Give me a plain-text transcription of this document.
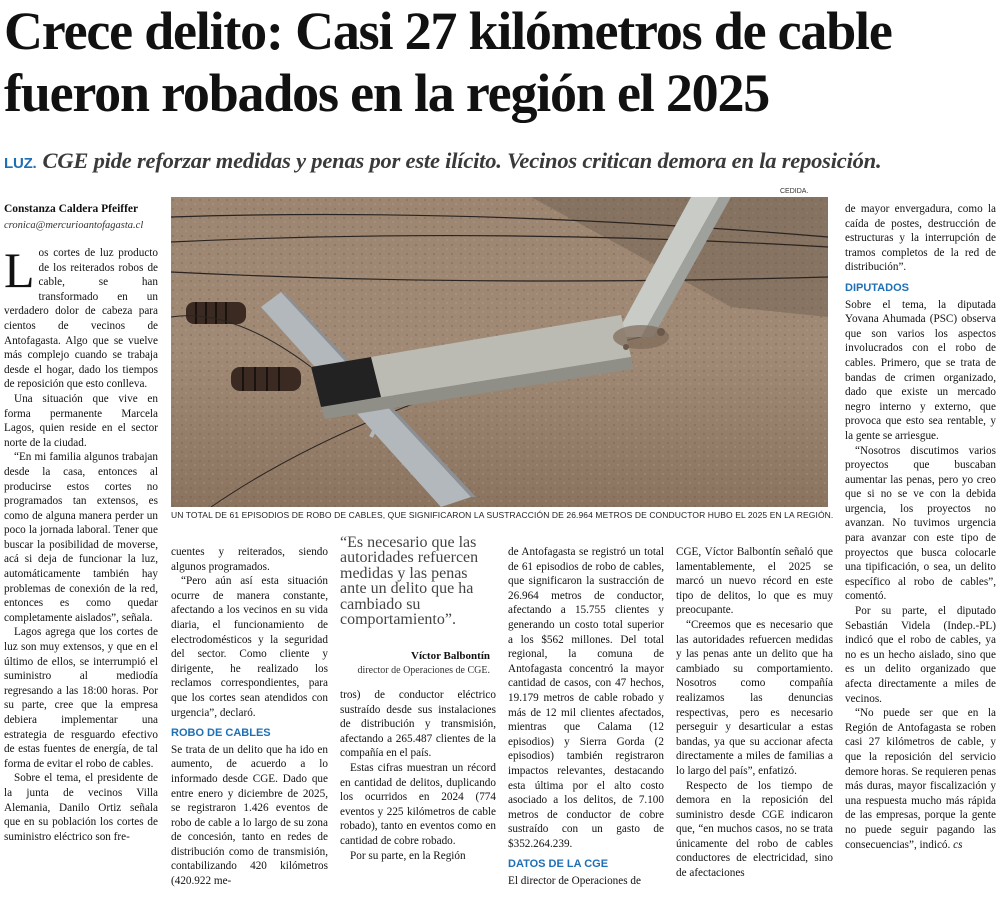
Crece delito: Casi 27 kilómetros de cable fueron robados en la región el 2025
LUZ. CGE pide reforzar medidas y penas por este ilícito. Vecinos critican demora en la reposición.
Constanza Caldera Pfeiffer
cronica@mercurioantofagasta.cl

Los cortes de luz producto de los reiterados robos de cable, se han transformado en un verdadero dolor de cabeza para cientos de vecinos de Antofagasta. Algo que se vuelve más complejo cuando se trabaja desde el hogar, dado los tiempos de reposición que esto conlleva.

Una situación que vive en forma permanente Marcela Lagos, quien reside en el sector norte de la ciudad.

“En mi familia algunos trabajan desde la casa, entonces al producirse estos cortes no programados tan extensos, es como de alguna manera perder un poco la jornada laboral. Tener que buscar la posibilidad de moverse, acá si deja de funcionar la luz, automáticamente también hay problemas de conexión de la red, entonces es como quedar completamente aislados”, señala.

Lagos agrega que los cortes de luz son muy extensos, y que en el último de ellos, se interrumpió el suministro al mediodía regresando a las 18:00 horas. Por su parte, cree que la empresa debiera implementar una estrategia de resguardo efectivo de estas fuentes de energía, de tal forma de evitar el robo de cables.

Sobre el tema, el presidente de la junta de vecinos Villa Alemania, Danilo Ortiz señala que en su población los cortes de suministro eléctrico son fre-

CEDIDA.
UN TOTAL DE 61 EPISODIOS DE ROBO DE CABLES, QUE SIGNIFICARON LA SUSTRACCIÓN DE 26.964 METROS DE CONDUCTOR HUBO EL 2025 EN LA REGIÓN.

cuentes y reiterados, siendo algunos programados.

“Pero aún así esta situación ocurre de manera constante, afectando a los vecinos en su vida diaria, el funcionamiento de electrodomésticos y la seguridad del sector. Como cliente y dirigente, he realizado los reclamos correspondientes, para que los cortes sean atendidos con urgencia”, declaró.

ROBO DE CABLES

Se trata de un delito que ha ido en aumento, de acuerdo a lo informado desde CGE. Dado que entre enero y diciembre de 2025, se registraron 1.426 eventos de robo de cable a lo largo de su zona de concesión, tanto en redes de distribución como de transmisión, contabilizando 420 kilómetros (420.922 me-

“Es necesario que las autoridades refuercen medidas y las penas ante un delito que ha cambiado su comportamiento”.
Víctor Balbontín
director de Operaciones de CGE.

tros) de conductor eléctrico sustraído desde sus instalaciones de distribución y transmisión, afectando a 265.487 clientes de la compañía en el país.

Estas cifras muestran un récord en cantidad de delitos, duplicando los ocurridos en 2024 (774 eventos y 225 kilómetros de cable robado), tanto en eventos como en cantidad de cobre robado.

Por su parte, en la Región

de Antofagasta se registró un total de 61 episodios de robo de cables, que significaron la sustracción de 26.964 metros de conductor, afectando a 15.755 clientes y generando un costo total superior a los $562 millones. Del total regional, la comuna de Antofagasta concentró la mayor cantidad de casos, con 47 hechos, 19.179 metros de cable robado y más de 12 mil clientes afectados, mientras que Calama (12 episodios) y Sierra Gorda (2 episodios) también registraron impactos relevantes, destacando esta última por el alto costo asociado a los delitos, de 7.100 metros de conductor de cobre sustraído con un gasto de $352.264.239.

DATOS DE LA CGE

El director de Operaciones de

CGE, Víctor Balbontín señaló que lamentablemente, el 2025 se marcó un nuevo récord en este tipo de delitos, lo que es muy preocupante.

“Creemos que es necesario que las autoridades refuercen medidas y las penas ante un delito que ha cambiado su comportamiento. Nosotros como compañía realizamos las denuncias respectivas, pero es necesario perseguir y desarticular a estas bandas, ya que su accionar afecta directamente a miles de familias a lo largo del país”, enfatizó.

Respecto de los tiempo de demora en la reposición del suministro desde CGE indicaron que, “en muchos casos, no se trata únicamente del robo de cables conductores de electricidad, sino de afectaciones

de mayor envergadura, como la caída de postes, destrucción de estructuras y la interrupción de tramos completos de la red de distribución”.

DIPUTADOS

Sobre el tema, la diputada Yovana Ahumada (PSC) observa que son varios los aspectos involucrados con el robo de cables. Primero, que se trata de bandas de crimen organizado, dado que existe un mercado negro interno y externo, que provoca que esto sea rentable, y la gente se arriesgue.

“Nosotros discutimos varios proyectos que buscaban aumentar las penas, pero yo creo que si no se ve con la debida urgencia, los proyectos no avanzan. No tuvimos urgencia para avanzar con este tipo de proyectos que busca colocarle una tipificación, o sea, un delito específico al robo de cables”, comentó.

Por su parte, el diputado Sebastián Videla (Indep.-PL) indicó que el robo de cables, ya no es un hecho aislado, sino que es un delito organizado que afecta directamente a miles de vecinos.

“No puede ser que en la Región de Antofagasta se roben casi 27 kilómetros de cable, y que la reposición del servicio demore horas. Se requieren penas más duras, mayor fiscalización y una respuesta mucho más rápida de las empresas, porque la gente no puede seguir pagando las consecuencias”, indicó. cs
